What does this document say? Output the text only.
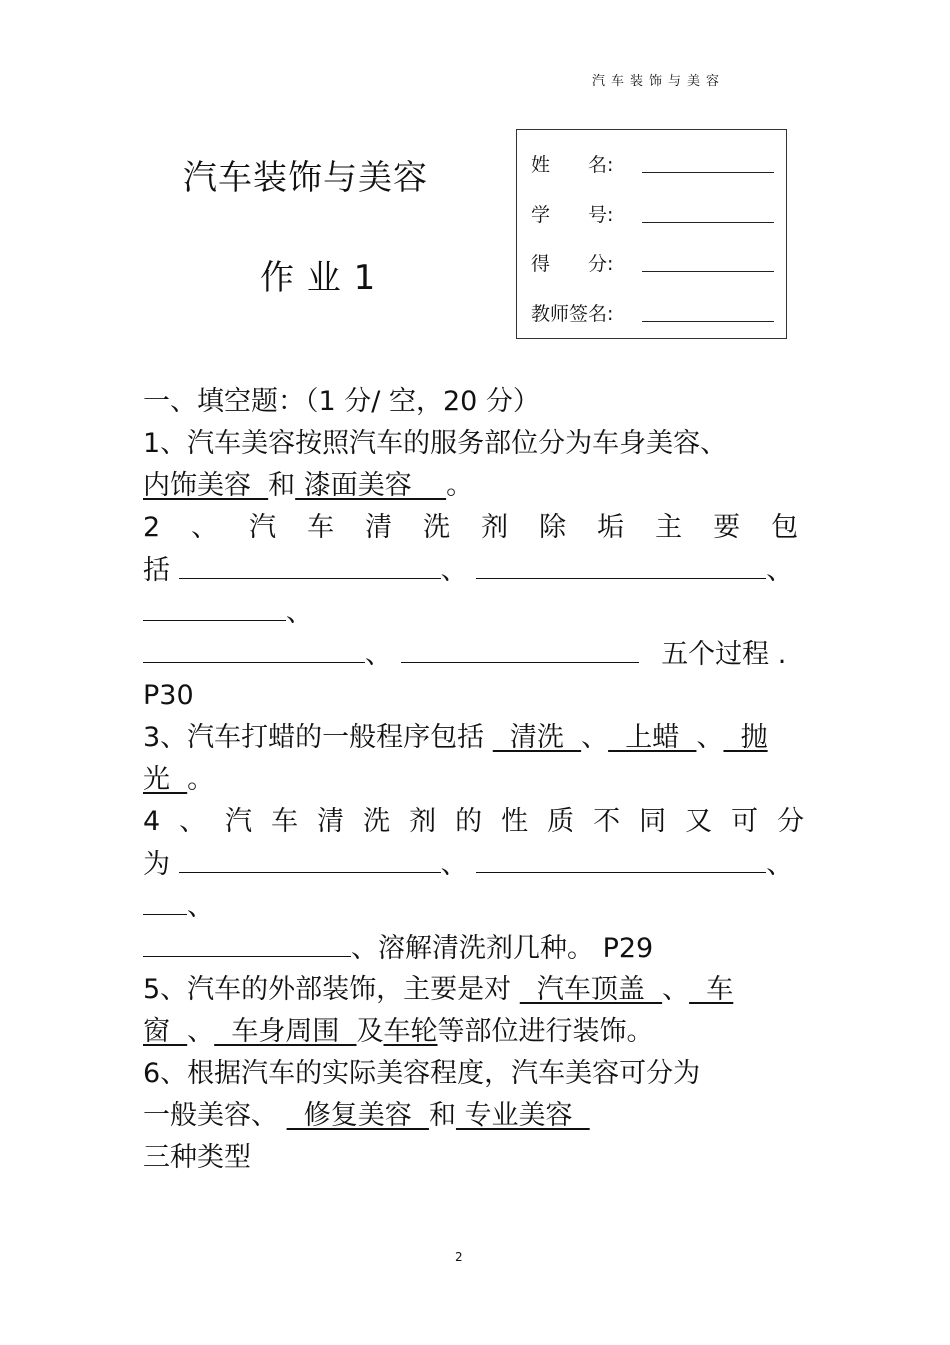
汽车装饰与美容
汽车装饰与美容
作 业 1
姓　　名:
学　　号:
得　　分:
教师签名:
一、填空题：（1 分/ 空，20 分）
1、汽车美容按照汽车的服务部位分为车身美容、
内饰美容  和 漆面美容    。
2、汽车清洗剂除垢主要包
括	、	、
、
、	五个过程 .
P30
3、汽车打蜡的一般程序包括   清洗  、  上蜡  、  抛
光  。
4、汽车清洗剂的性质不同又可分
为	、	、
、
、溶解清洗剂几种。 P29
5、汽车的外部装饰，主要是对   汽车顶盖  、  车
窗  、  车身周围  及车轮等部位进行装饰。
6、根据汽车的实际美容程度，汽车美容可分为
一般美容、   修复美容  和 专业美容
三种类型
2
